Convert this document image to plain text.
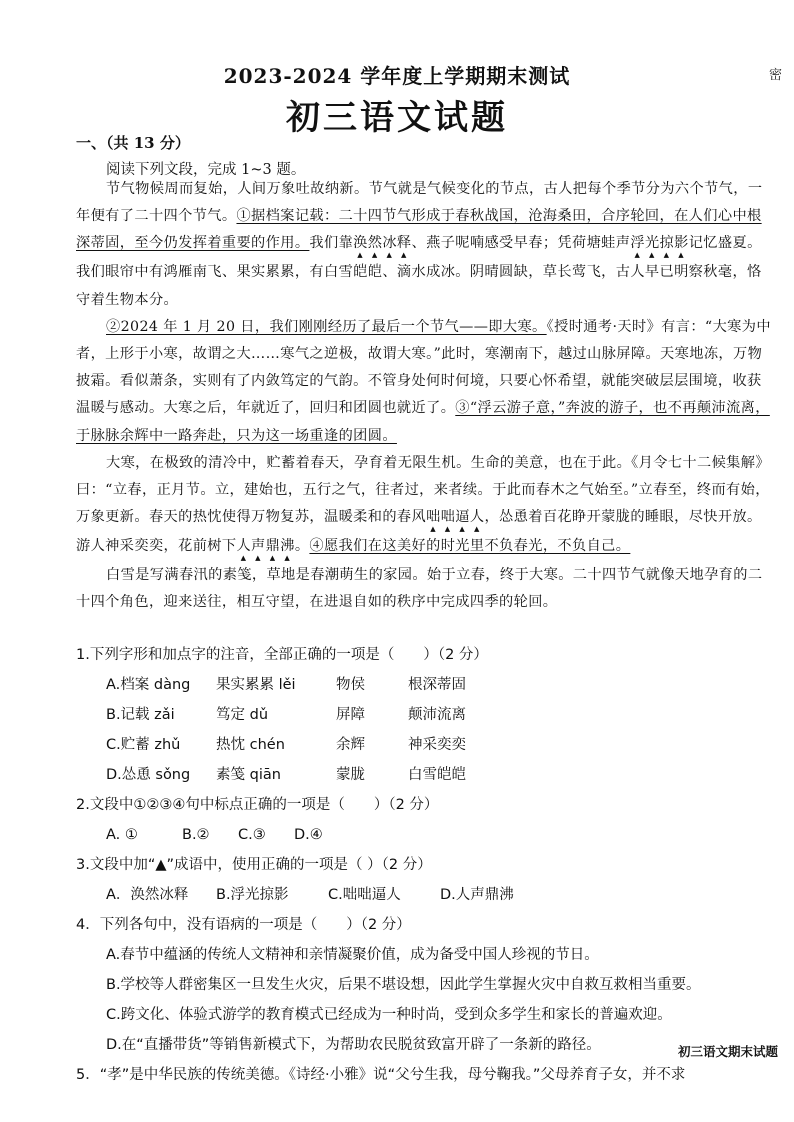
密
2023-2024 学年度上学期期末测试
初三语文试题
一、（共 13 分）
阅读下列文段，完成 1~3 题。

节气物候周而复始，人间万象吐故纳新。节气就是气候变化的节点，古人把每个季节分为六个节气，一年便有了二十四个节气。①据档案记载：二十四节气形成于春秋战国，沧海桑田，合序轮回，在人们心中根深蒂固，至今仍发挥着重要的作用。我们靠涣然冰释、燕子呢喃感受早春；凭荷塘蛙声浮光掠影记忆盛夏。我们眼帘中有鸿雁南飞、果实累累，有白雪皑皑、滴水成冰。阴晴圆缺，草长莺飞，古人早已明察秋毫，恪守着生物本分。

②2024 年 1 月 20 日，我们刚刚经历了最后一个节气——即大寒。《授时通考·天时》有言：“大寒为中者，上形于小寒，故谓之大……寒气之逆极，故谓大寒。”此时，寒潮南下，越过山脉屏障。天寒地冻，万物披霜。看似萧条，实则有了内敛笃定的气韵。不管身处何时何境，只要心怀希望，就能突破层层围境，收获温暖与感动。大寒之后，年就近了，回归和团圆也就近了。③“浮云游子意，”奔波的游子，也不再颠沛流离，于脉脉余辉中一路奔赴，只为这一场重逢的团圆。

大寒，在极致的清冷中，贮蓄着春天，孕育着无限生机。生命的美意，也在于此。《月令七十二候集解》曰：“立春，正月节。立，建始也，五行之气，往者过，来者续。于此而春木之气始至。”立春至，终而有始，万象更新。春天的热忱使得万物复苏，温暖柔和的春风咄咄逼人，怂恿着百花睁开蒙胧的睡眼，尽快开放。游人神采奕奕，花前树下人声鼎沸。④愿我们在这美好的时光里不负春光，不负自己。

白雪是写满春汛的素笺，草地是春潮萌生的家园。始于立春，终于大寒。二十四节气就像天地孕育的二十四个角色，迎来送往，相互守望，在进退自如的秩序中完成四季的轮回。

1.下列字形和加点字的注音，全部正确的一项是（　　）（2 分）

A.档案 dàng	果实累累 lěi	物侯	根深蒂固
B.记载 zǎi	笃定 dǔ	屏障	颠沛流离
C.贮蓄 zhǔ	热忱 chén	余辉	神采奕奕
D.怂恿 sǒng	素笺 qiān	蒙胧	白雪皑皑

2.文段中①②③④句中标点正确的一项是（　　）（2 分）

A. ①	B.②	C.③	D.④

3.文段中加“▲”成语中，使用正确的一项是（ ）（2 分）

A．涣然冰释	B.浮光掠影	C.咄咄逼人	D.人声鼎沸

4．下列各句中，没有语病的一项是（　　）（2 分）

A.春节中蕴涵的传统人文精神和亲情凝聚价值，成为备受中国人珍视的节日。
B.学校等人群密集区一旦发生火灾，后果不堪设想，因此学生掌握火灾中自救互救相当重要。
C.跨文化、体验式游学的教育模式已经成为一种时尚，受到众多学生和家长的普遍欢迎。
D.在“直播带货”等销售新模式下，为帮助农民脱贫致富开辟了一条新的路径。

5．“孝”是中华民族的传统美德。《诗经·小雅》说“父兮生我，母兮鞠我。”父母养育子女，并不求

初三语文期末试题
